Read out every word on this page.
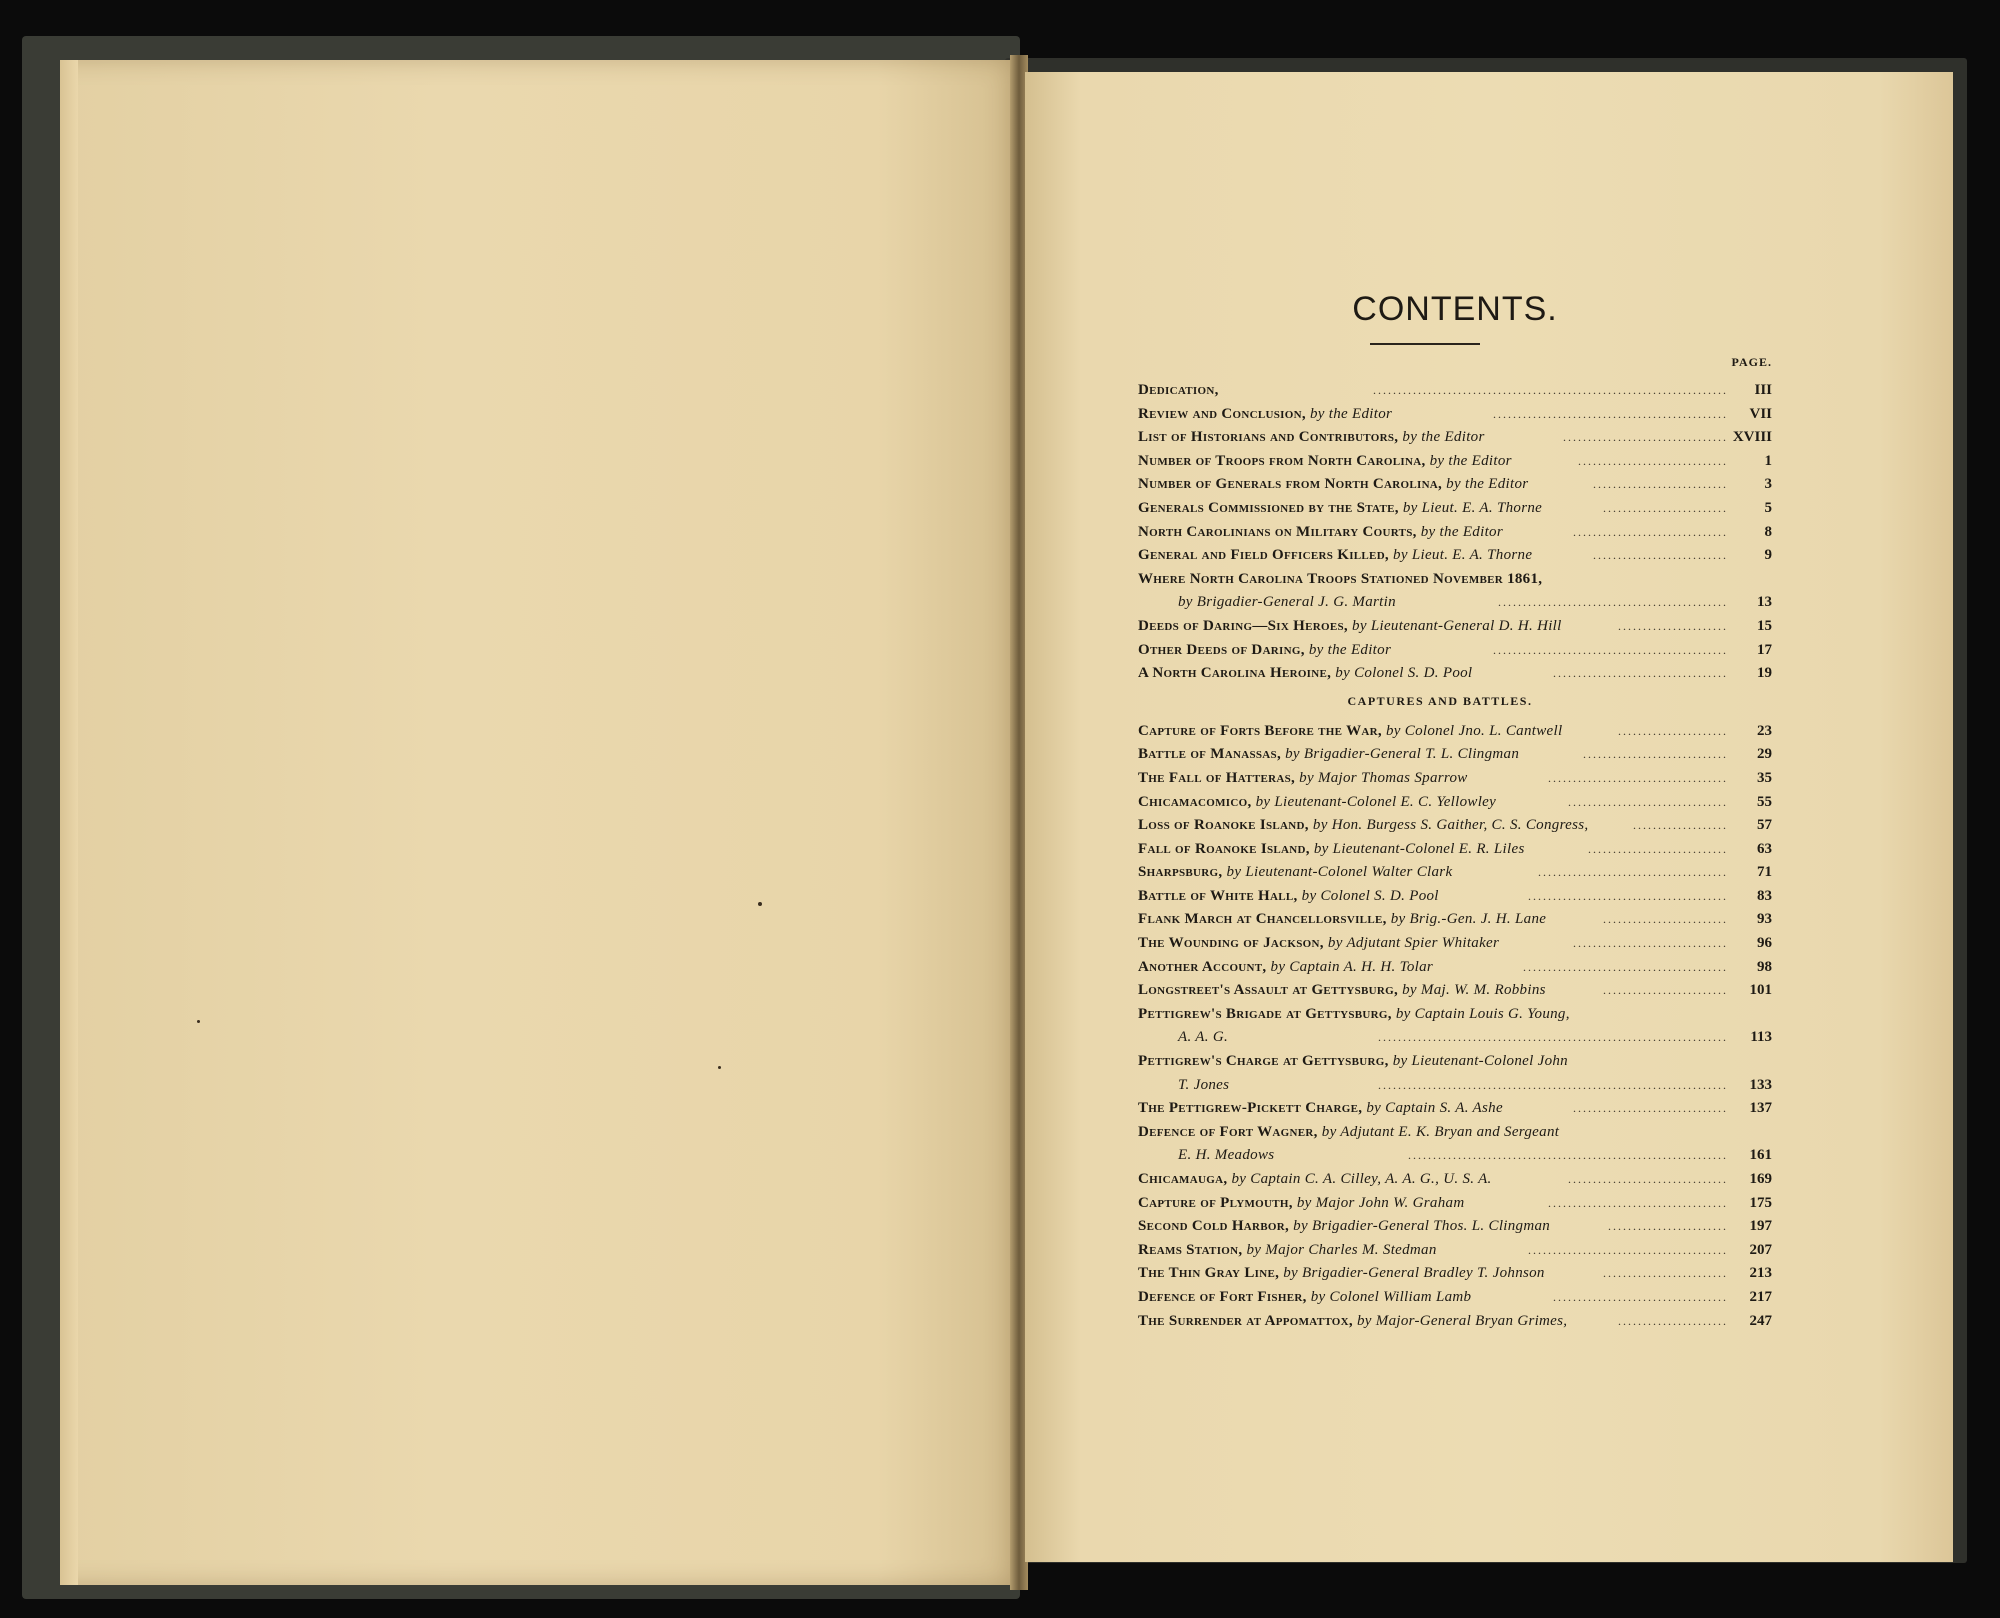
CONTENTS.
PAGE.
Dedication,	.......................................................................	III
Review and Conclusion, by the Editor	...............................................	VII
List of Historians and Contributors, by the Editor	................................. XVIII
Number of Troops from North Carolina, by the Editor	..............................	1
Number of Generals from North Carolina, by the Editor	...........................	3
Generals Commissioned by the State, by Lieut. E. A. Thorne	.........................	5
North Carolinians on Military Courts, by the Editor	...............................	8
General and Field Officers Killed, by Lieut. E. A. Thorne	...........................	9
Where North Carolina Troops Stationed November 1861,
by Brigadier-General J. G. Martin	..............................................	13
Deeds of Daring—Six Heroes, by Lieutenant-General D. H. Hill	......................	15
Other Deeds of Daring, by the Editor	...............................................	17
A North Carolina Heroine, by Colonel S. D. Pool	...................................	19
CAPTURES AND BATTLES.
Capture of Forts Before the War, by Colonel Jno. L. Cantwell	......................	23
Battle of Manassas, by Brigadier-General T. L. Clingman	.............................	29
The Fall of Hatteras, by Major Thomas Sparrow	....................................	35
Chicamacomico, by Lieutenant-Colonel E. C. Yellowley	................................	55
Loss of Roanoke Island, by Hon. Burgess S. Gaither, C. S. Congress,	...................	57
Fall of Roanoke Island, by Lieutenant-Colonel E. R. Liles	............................	63
Sharpsburg, by Lieutenant-Colonel Walter Clark	......................................	71
Battle of White Hall, by Colonel S. D. Pool	........................................	83
Flank March at Chancellorsville, by Brig.-Gen. J. H. Lane	.........................	93
The Wounding of Jackson, by Adjutant Spier Whitaker	...............................	96
Another Account, by Captain A. H. H. Tolar	.........................................	98
Longstreet's Assault at Gettysburg, by Maj. W. M. Robbins	.........................	101
Pettigrew's Brigade at Gettysburg, by Captain Louis G. Young,
A. A. G.	......................................................................	113
Pettigrew's Charge at Gettysburg, by Lieutenant-Colonel John
T. Jones	......................................................................	133
The Pettigrew-Pickett Charge, by Captain S. A. Ashe	...............................	137
Defence of Fort Wagner, by Adjutant E. K. Bryan and Sergeant
E. H. Meadows	................................................................	161
Chicamauga, by Captain C. A. Cilley, A. A. G., U. S. A.	................................	169
Capture of Plymouth, by Major John W. Graham	....................................	175
Second Cold Harbor, by Brigadier-General Thos. L. Clingman	........................	197
Reams Station, by Major Charles M. Stedman	........................................	207
The Thin Gray Line, by Brigadier-General Bradley T. Johnson	.........................	213
Defence of Fort Fisher, by Colonel William Lamb	...................................	217
The Surrender at Appomattox, by Major-General Bryan Grimes,	......................	247
